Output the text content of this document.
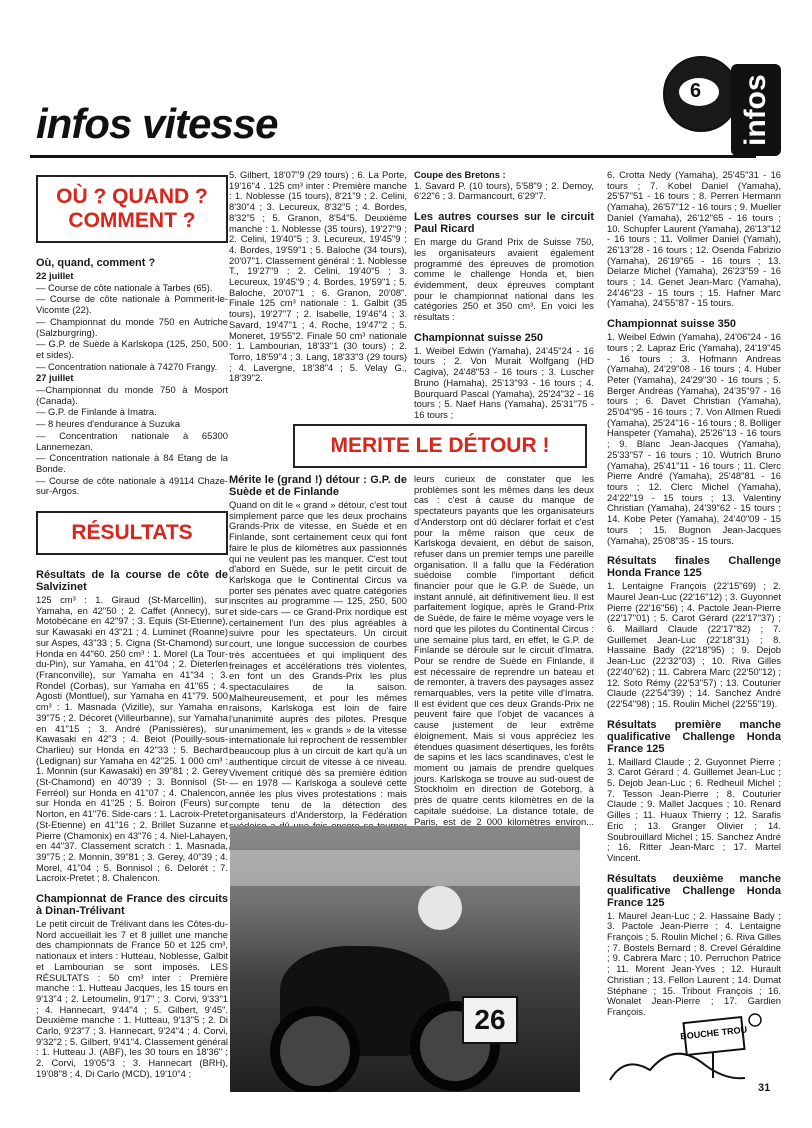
infos vitesse
6 infos
OÙ ? QUAND ? COMMENT ?
Où, quand, comment ?

22 juillet

— Course de côte nationale à Tarbes (65).

— Course de côte nationale à Pommerit-le-Vicomte (22).

— Championnat du monde 750 en Autriche (Salzburgring).

— G.P. de Suède à Karlskopa (125, 250, 500 et sides).

— Concentration nationale à 74270 Frangy.

27 juillet

—Championnat du monde 750 à Mosport (Canada).

— G.P. de Finlande à Imatra.

— 8 heures d'endurance à Suzuka

— Concentration nationale à 65300 Lannemezan.

— Concentration nationale à 84 Etang de la Bonde.

— Course de côte nationale à 49114 Chaze-sur-Argos.

RÉSULTATS
Résultats de la course de côte de Salvizinet
125 cm³ : 1. Giraud (St-Marcellin), sur Yamaha, en 42"50 ; 2. Caffet (Annecy), sur Motobécane en 42"97 ; 3. Equis (St-Etienne), sur Kawasaki en 43"21 ; 4. Luminet (Roanne) sur Aspes, 43"33 ; 5. Cigna (St-Chamond) sur Honda en 44"60. 250 cm³ : 1. Morel (La Tour-du-Pin), sur Yamaha, en 41"04 ; 2. Dieterlen (Franconville), sur Yamaha en 41"34 ; 3. Rondel (Corbas), sur Yamaha en 41"65 ; 4. Agosti (Montluel), sur Yamaha en 41"79. 500 cm³ : 1. Masnada (Vizille), sur Yamaha en 39"75 ; 2. Décoret (Villeurbanne), sur Yamaha en 41"15 ; 3. André (Panissières), sur Kawasaki en 42"3 ; 4. Beiot (Pouilly-sous-Charlieu) sur Honda en 42"33 ; 5. Bechard (Ledignan) sur Yamaha en 42"25. 1 000 cm³ : 1. Monnin (sur Kawasaki) en 39"81 ; 2. Gerey (St-Chamond) en 40"39 ; 3. Bonnisol (St-Ferréol) sur Honda en 41"07 ; 4. Chalencon, sur Honda en 41"25 ; 5. Boiron (Feurs) sur Norton, en 41"76. Side-cars : 1. Lacroix-Pretet (St-Etienne) en 41"16 ; 2. Brillet Suzanne et Pierre (Chamonix) en 43"76 ; 4. Niel-Lahayen, en 44"37. Classement scratch : 1. Masnada, 39"75 ; 2. Monnin, 39"81 ; 3. Gerey, 40"39 ; 4. Morel, 41"04 ; 5. Bonnisol ; 6. Delorét ; 7. Lacroix-Pretet ; 8. Chalencon.
Championnat de France des circuits à Dinan-Trélivant
Le petit circuit de Trélivant dans les Côtes-du-Nord accueillait les 7 et 8 juillet une manche des championnats de France 50 et 125 cm³, nationaux et inters : Hutteau, Noblesse, Galbit et Lambourian se sont imposés. LES RÉSULTATS : 50 cm³ inter : Première manche : 1. Hutteau Jacques, les 15 tours en 9'13"4 ; 2. Letoumelin, 9'17" ; 3. Corvi, 9'33"1 ; 4. Hannecart, 9'44"4 ; 5. Gilbert, 9'45". Deuxième manche : 1. Hutteau, 9'13"5 ; 2. Di Carlo, 9'23"7 ; 3. Hannecart, 9'24"4 ; 4. Corvi, 9'32"2 ; 5. Gilbert, 9'41"4. Classement général : 1. Hutteau J. (ABF), les 30 tours en 18'36" ; 2. Corvi, 19'05"3 ; 3. Hannecart (BRH), 19'08"8 ; 4. Di Carlo (MCD), 19'10"4 ;
5. Gilbert, 18'07"9 (29 tours) ; 6. La Porte, 19'16"4 . 125 cm³ inter : Première manche : 1. Noblesse (15 tours), 8'21"9 ; 2. Celini, 8'30"4 ; 3. Lecureux, 8'32"5 ; 4. Bordes, 8'32"5 ; 5. Granon, 8'54"5. Deuxième manche : 1. Noblesse (35 tours), 19'27"9 ; 2. Celini, 19'40"5 ; 3. Lecureux, 19'45"9 ; 4. Bordes, 19'59"1 ; 5. Baloche (34 tours), 20'07"1. Classement général : 1. Noblesse T., 19'27"9 ; 2. Celini, 19'40"5 ; 3. Lecureux, 19'45"9 ; 4. Bordes, 19'59"1 ; 5. Baloche, 20'07"1 ; 6. Granon, 20'08". Finale 125 cm³ nationale : 1. Galbit (35 tours), 19'27"7 ; 2. Isabelle, 19'46"4 ; 3. Savard, 19'47"1 ; 4. Roche, 19'47"2 ; 5. Moneret, 19'55"2. Finale 50 cm³ nationale : 1. Lambourian, 18'33"1 (30 tours) ; 2. Torro, 18'59"4 ; 3. Lang, 18'33"3 (29 tours) ; 4. Lavergne, 18'38"4 ; 5. Velay G., 18'39"2.
Coupe des Bretons :
1. Savard P. (10 tours), 5'58"9 ; 2. Demoy, 6'22"6 ; 3. Darmancourt, 6'29"7.
Les autres courses sur le circuit Paul Ricard
En marge du Grand Prix de Suisse 750, les organisateurs avaient également programmé des épreuves de promotion comme le challenge Honda et, bien évidemment, deux épreuves comptant pour le championnat national dans les catégories 250 et 350 cm³. En voici les résultats :
Championnat suisse 250
1. Weibel Edwin (Yamaha), 24'45"24 - 16 tours ; 2. Von Murait Wolfgang (HD Cagiva), 24'48"53 - 16 tours ; 3. Luscher Bruno (Hamaha), 25'13"93 - 16 tours ; 4. Bourquard Pascal (Yamaha), 25'24"32 - 16 tours ; 5. Naef Hans (Yamaha), 25'31"75 - 16 tours ;
6. Crotta Nedy (Yamaha), 25'45"31 - 16 tours ; 7. Kobel Daniel (Yamaha), 25'57"51 - 16 tours ; 8. Perren Hermann (Yamaha), 26'57"12 - 16 tours ; 9. Mueller Daniel (Yamaha), 26'12"65 - 16 tours ; 10. Schupfer Laurent (Yamaha), 26'13"12 - 16 tours ; 11. Vollmer Daniel (Yamah), 26'13"28 - 16 tours ; 12. Osenda Fabrizio (Yamaha), 26'19"65 - 16 tours ; 13. Delarze Michel (Yamaha), 26'23"59 - 16 tours ; 14. Genet Jean-Marc (Yamaha), 24'46"23 - 15 tours ; 15. Hafner Marc (Yamaha), 24'55"87 - 15 tours.
Championnat suisse 350
1. Weibel Edwin (Yamaha), 24'06"24 - 16 tours ; 2. Lapraz Eric (Yamaha), 24'19"45 - 16 tours ; 3. Hofmann Andreas (Yamaha), 24'29"08 - 16 tours ; 4. Huber Peter (Yamaha), 24'29"30 - 16 tours ; 5. Berger Andréas (Yamaha), 24'35"97 - 16 tours ; 6. Davet Christian (Yamaha), 25'04"95 - 16 tours ; 7. Von Allmen Ruedi (Yamaha), 25'24"16 - 16 tours ; 8. Bolliger Hanspeter (Yamaha), 25'26"13 - 16 tours ; 9. Blanc Jean-Jacques (Yamaha), 25'33"57 - 16 tours ; 10. Wutrich Bruno (Yamaha), 25'41"11 - 16 tours ; 11. Clerc Pierre André (Yamaha), 25'48"81 - 16 tours ; 12. Clerc Michel (Yamaha), 24'22"19 - 15 tours ; 13. Valentiny Christian (Yamaha), 24'39"62 - 15 tours ; 14. Kobe Peter (Yamaha), 24'40"09 - 15 tours ; 15. Bugnon Jean-Jacques (Yamaha), 25'08"35 - 15 tours.
Résultats finales Challenge Honda France 125
1. Lentaigne François (22'15"69) ; 2. Maurel Jean-Luc (22'16"12) ; 3. Guyonnet Pierre (22'16"56) ; 4. Pactole Jean-Pierre (22'17"01) ; 5. Carot Gérard (22'17"37) ; 6. Maillard Claude (22'17"82) ; 7. Guillemet Jean-Luc (22'18"31) ; 8. Hassaine Bady (22'18"95) ; 9. Dejob Jean-Luc (22'32"03) ; 10. Riva Gilles (22'40"62) ; 11. Cabrera Marc (22'50"12) ; 12. Soto Rémy (22'53"57) ; 13. Couturier Claude (22'54"39) ; 14. Sanchez André (22'54"98) ; 15. Roulin Michel (22'55"19).
Résultats première manche qualificative Challenge Honda France 125
1. Maillard Claude ; 2. Guyonnet Pierre ; 3. Carot Gérard ; 4. Guillemet Jean-Luc ; 5. Dejob Jean-Luc ; 6. Redheuil Michel ; 7. Tesson Jean-Pierre ; 8. Couturier Claude ; 9. Mallet Jacques ; 10. Renard Gilles ; 11. Huaux Thierry ; 12. Sarafis Eric ; 13. Granger Olivier ; 14. Soubrouillard Michel ; 15. Sanchez André ; 16. Ritter Jean-Marc ; 17. Martel Vincent.
Résultats deuxième manche qualificative Challenge Honda France 125
1. Maurel Jean-Luc ; 2. Hassaine Bady ; 3. Pactole Jean-Pierre ; 4. Lentaigne François ; 5. Roulin Michel ; 6. Riva Gilles ; 7. Bostels Bernard ; 8. Crevel Géraldine ; 9. Cabrera Marc ; 10. Perruchon Patrice ; 11. Morent Jean-Yves ; 12. Hurault Christian ; 13. Fellon Laurent ; 14. Dumat Stéphane ; 15. Tribout François ; 16. Wonalet Jean-Pierre ; 17. Gardien François.
MERITE LE DÉTOUR !
Mérite le (grand !) détour : G.P. de Suède et de Finlande
Quand on dit le « grand » détour, c'est tout simplement parce que les deux prochains Grands-Prix de vitesse, en Suède et en Finlande, sont certainement ceux qui font faire le plus de kilomètres aux passionnés qui ne veulent pas les manquer. C'est tout d'abord en Suède, sur le petit circuit de Karlskoga que le Continental Circus va porter ses pénates avec quatre catégories inscrites au programme — 125, 250, 500 et side-cars — ce Grand-Prix nordique est certainement l'un des plus agréables à suivre pour les spectateurs. Un circuit court, une longue succession de courbes très accentuées et qui impliquent des freinages et accélérations très violentes, en font un des Grands-Prix les plus spectaculaires de la saison. Malheureusement, et pour les mêmes raisons, Karlskoga est loin de faire l'unanimité auprès des pilotes. Presque unanimement, les « grands » de la vitesse internationale lui reprochent de ressembler beaucoup plus à un circuit de kart qu'à un authentique circuit de vitesse à ce niveau. Vivement critiqué dès sa première édition — en 1978 — Karlskoga a soulevé cette année les plus vives protestations : mais compte tenu de la détection des organisateurs d'Anderstorp, la Fédération
leurs curieux de constater que les problèmes sont les mêmes dans les deux cas : c'est à cause du manque de spectateurs payants que les organisateurs d'Anderstorp ont dû déclarer forfait et c'est pour la même raison que ceux de Karlskoga devaient, en début de saison, refuser dans un premier temps une pareille organisation. Il a fallu que la Fédération suédoise comble l'important déficit financier pour que le G.P. de Suède, un instant annulé, ait définitivement lieu. Il est parfaitement logique, après le Grand-Prix de Suède, de faire le même voyage vers le nord que les pilotes du Continental Circus : une semaine plus tard, en effet, le G.P. de Finlande se déroule sur le circuit d'Imatra. Pour se rendre de Suède en Finlande, il est nécessaire de reprendre un bateau et de remonter, à travers des paysages assez remarquables, vers la petite ville d'Imatra. Il est évident que ces deux Grands-Prix ne peuvent faire que l'objet de vacances à cause justement de leur extrême éloignement. Mais si vous appréciez les étendues quasiment désertiques, les forêts de sapins et les lacs scandinaves, c'est le moment ou jamais de prendre quelques jours. Karlskoga se trouve au sud-ouest de Stockholm en direction de Goteborg, à près de quatre cents kilomètres en de la capitale suédoise. La distance totale, de Paris, est de 2 000 kilomètres environ...
26	BOUCHE TROU
31
